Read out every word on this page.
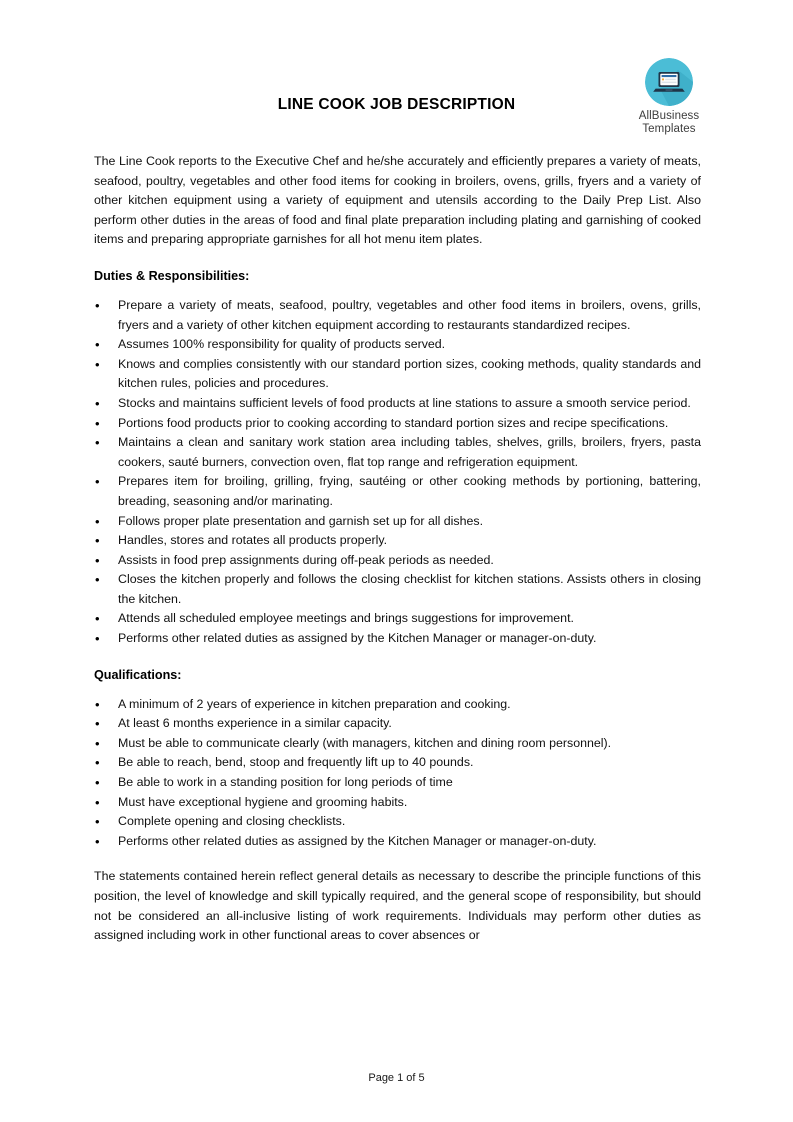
AllBusiness
Templates
LINE COOK JOB DESCRIPTION

The Line Cook reports to the Executive Chef and he/she accurately and efficiently prepares a variety of meats, seafood, poultry, vegetables and other food items for cooking in broilers, ovens, grills, fryers and a variety of other kitchen equipment using a variety of equipment and utensils according to the Daily Prep List. Also perform other duties in the areas of food and final plate preparation including plating and garnishing of cooked items and preparing appropriate garnishes for all hot menu item plates.

Duties & Responsibilities:
• Prepare a variety of meats, seafood, poultry, vegetables and other food items in broilers, ovens, grills, fryers and a variety of other kitchen equipment according to restaurants standardized recipes.
• Assumes 100% responsibility for quality of products served.
• Knows and complies consistently with our standard portion sizes, cooking methods, quality standards and kitchen rules, policies and procedures.
• Stocks and maintains sufficient levels of food products at line stations to assure a smooth service period.
• Portions food products prior to cooking according to standard portion sizes and recipe specifications.
• Maintains a clean and sanitary work station area including tables, shelves, grills, broilers, fryers, pasta cookers, sauté burners, convection oven, flat top range and refrigeration equipment.
• Prepares item for broiling, grilling, frying, sautéing or other cooking methods by portioning, battering, breading, seasoning and/or marinating.
• Follows proper plate presentation and garnish set up for all dishes.
• Handles, stores and rotates all products properly.
• Assists in food prep assignments during off-peak periods as needed.
• Closes the kitchen properly and follows the closing checklist for kitchen stations. Assists others in closing the kitchen.
• Attends all scheduled employee meetings and brings suggestions for improvement.
• Performs other related duties as assigned by the Kitchen Manager or manager-on-duty.
Qualifications:
• A minimum of 2 years of experience in kitchen preparation and cooking.
• At least 6 months experience in a similar capacity.
• Must be able to communicate clearly (with managers, kitchen and dining room personnel).
• Be able to reach, bend, stoop and frequently lift up to 40 pounds.
• Be able to work in a standing position for long periods of time
• Must have exceptional hygiene and grooming habits.
• Complete opening and closing checklists.
• Performs other related duties as assigned by the Kitchen Manager or manager-on-duty.

The statements contained herein reflect general details as necessary to describe the principle functions of this position, the level of knowledge and skill typically required, and the general scope of responsibility, but should not be considered an all-inclusive listing of work requirements. Individuals may perform other duties as assigned including work in other functional areas to cover absences or

Page 1 of 5
